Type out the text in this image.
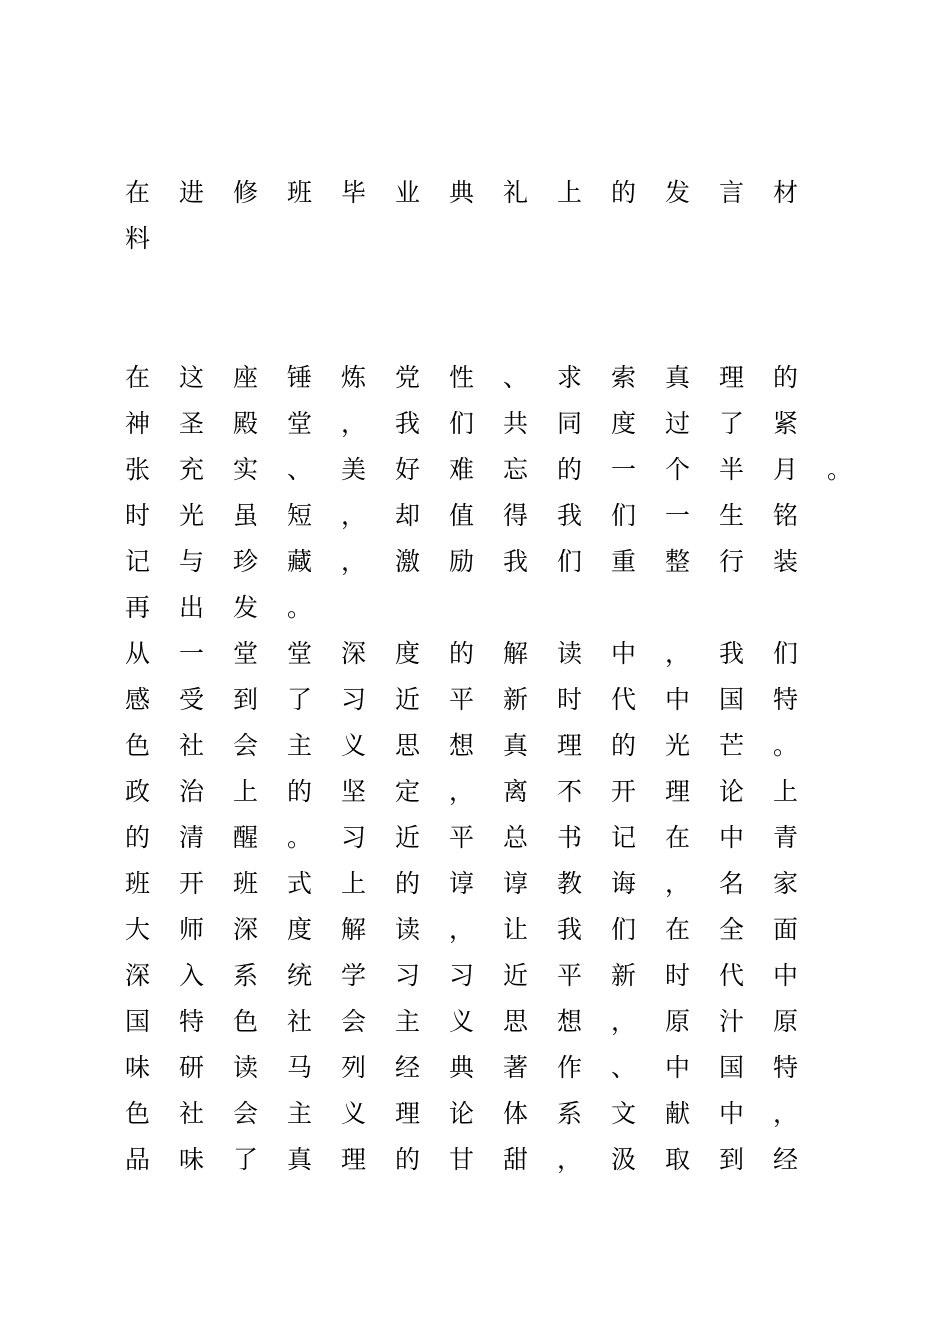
在进修班毕业典礼上的发言材
料
在这座锤炼党性、求索真理的
神圣殿堂，我们共同度过了紧
张充实、美好难忘的一个半月。
时光虽短，却值得我们一生铭
记与珍藏，激励我们重整行装
再出发。
从一堂堂深度的解读中，我们
感受到了习近平新时代中国特
色社会主义思想真理的光芒。
政治上的坚定，离不开理论上
的清醒。习近平总书记在中青
班开班式上的谆谆教诲，名家
大师深度解读，让我们在全面
深入系统学习习近平新时代中
国特色社会主义思想，原汁原
味研读马列经典著作、中国特
色社会主义理论体系文献中，
品味了真理的甘甜，汲取到经
